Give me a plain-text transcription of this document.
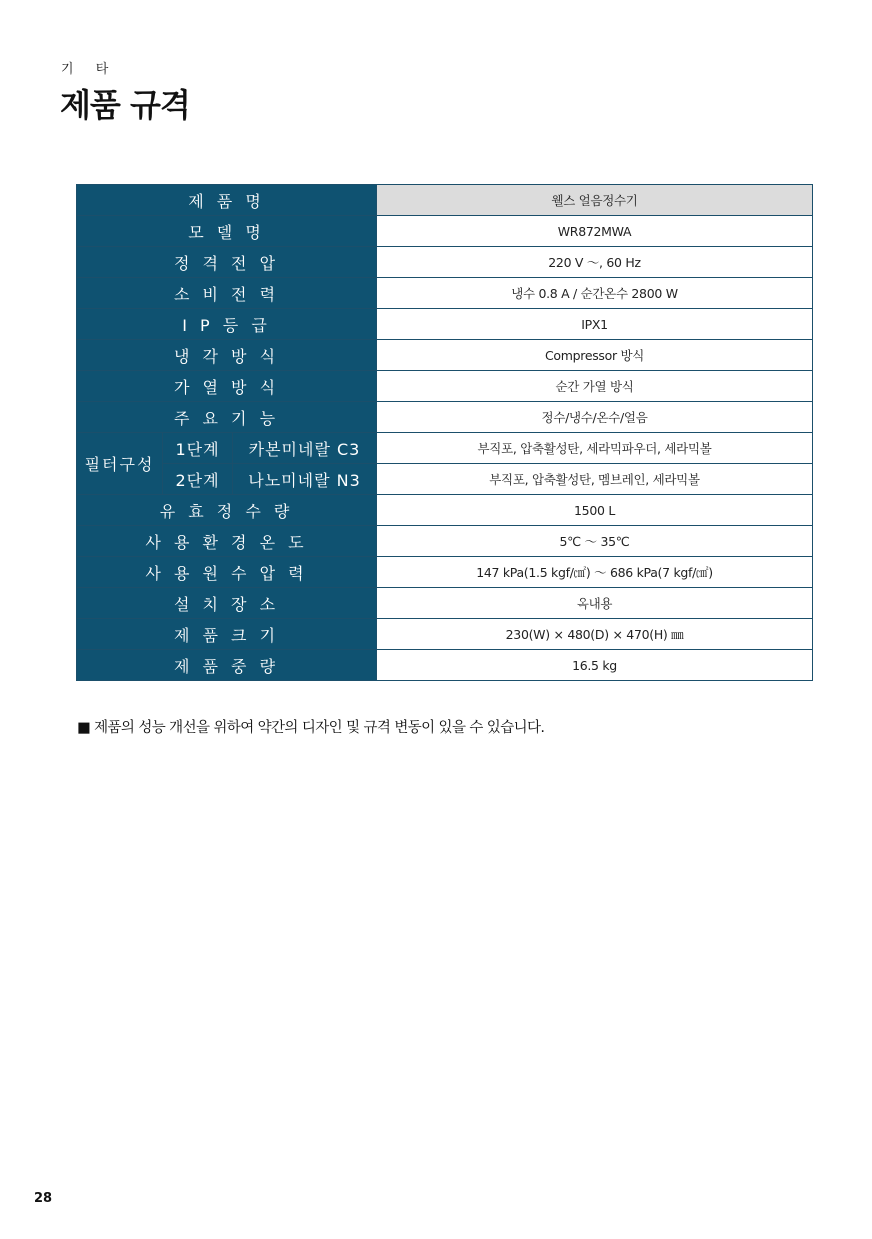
기 타
제품 규격
제 품 명			웰스 얼음정수기
모 델 명			WR872MWA
정 격 전 압			220 V ～, 60 Hz
소 비 전 력			냉수 0.8 A / 순간온수 2800 W
I P 등 급			IPX1
냉 각 방 식			Compressor 방식
가 열 방 식			순간 가열 방식
주 요 기 능			정수/냉수/온수/얼음
필터구성	1단계	카본미네랄 C3	부직포, 압축활성탄, 세라믹파우더, 세라믹볼
	2단계	나노미네랄 N3	부직포, 압축활성탄, 멤브레인, 세라믹볼
유 효 정 수 량			1500 L
사 용 환 경 온 도			5℃ ～ 35℃
사 용 원 수 압 력			147 kPa(1.5 kgf/㎠) ～ 686 kPa(7 kgf/㎠)
설 치 장 소			옥내용
제 품 크 기			230(W) × 480(D) × 470(H) ㎜
제 품 중 량			16.5 kg
■ 제품의 성능 개선을 위하여 약간의 디자인 및 규격 변동이 있을 수 있습니다.
28
